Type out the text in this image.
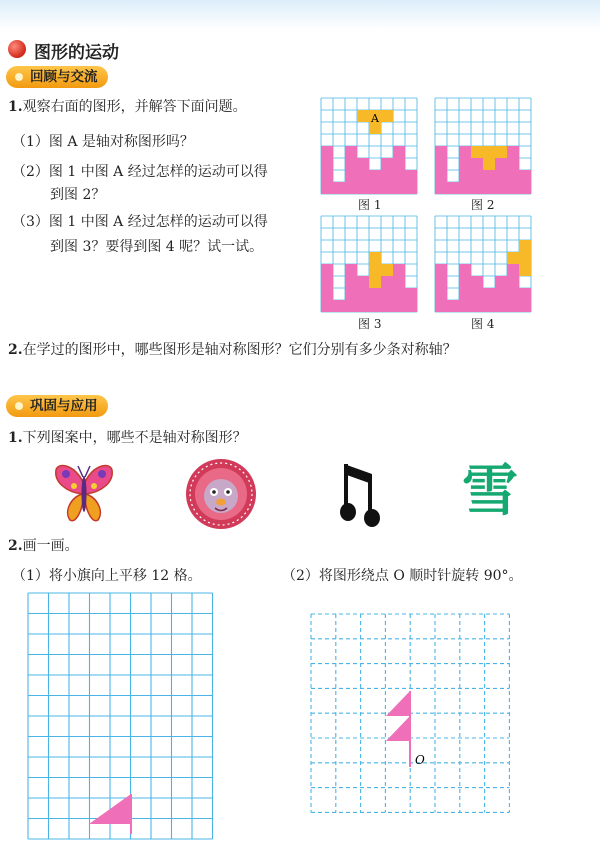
图形的运动
回顾与交流
1.观察右面的图形，并解答下面问题。
（1）图 A 是轴对称图形吗？
（2）图 1 中图 A 经过怎样的运动可以得
到图 2？
（3）图 1 中图 A 经过怎样的运动可以得
到图 3？要得到图 4 呢？试一试。
A
图 1	图 2
图 3	图 4
2.在学过的图形中，哪些图形是轴对称图形？它们分别有多少条对称轴？
巩固与应用
1.下列图案中，哪些不是轴对称图形？
雪
2.画一画。
（1）将小旗向上平移 12 格。	（2）将图形绕点 O 顺时针旋转 90°。
O
